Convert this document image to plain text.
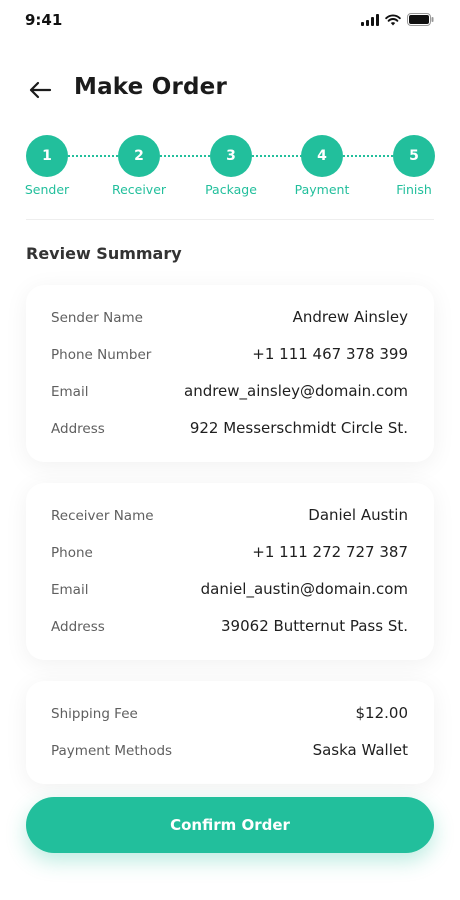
9:41
Make Order
1
Sender
2
Receiver
3
Package
4
Payment
5
Finish
Review Summary
Sender Name	Andrew Ainsley
Phone Number	+1 111 467 378 399
Email	andrew_ainsley@domain.com
Address	922 Messerschmidt Circle St.
Receiver Name	Daniel Austin
Phone	+1 111 272 727 387
Email	daniel_austin@domain.com
Address	39062 Butternut Pass St.
Shipping Fee	$12.00
Payment Methods	Saska Wallet
Confirm Order
